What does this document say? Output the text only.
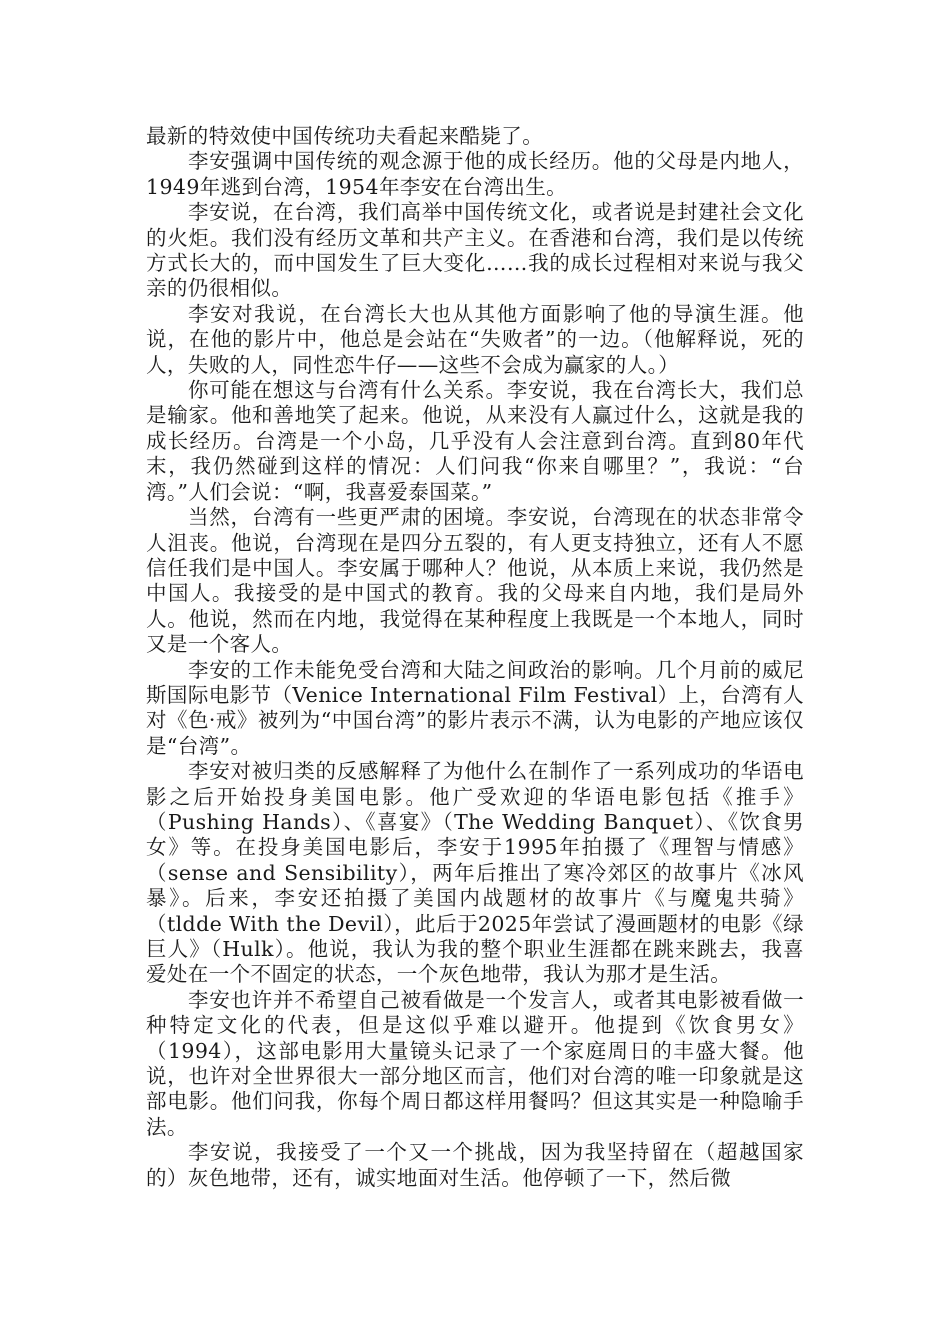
最新的特效使中国传统功夫看起来酷毙了。

李安强调中国传统的观念源于他的成长经历。他的父母是内地人，1949年逃到台湾，1954年李安在台湾出生。

李安说，在台湾，我们高举中国传统文化，或者说是封建社会文化的火炬。我们没有经历文革和共产主义。在香港和台湾，我们是以传统方式长大的，而中国发生了巨大变化……我的成长过程相对来说与我父亲的仍很相似。

李安对我说，在台湾长大也从其他方面影响了他的导演生涯。他说，在他的影片中，他总是会站在“失败者”的一边。（他解释说，死的人，失败的人，同性恋牛仔——这些不会成为赢家的人。）

你可能在想这与台湾有什么关系。李安说，我在台湾长大，我们总是输家。他和善地笑了起来。他说，从来没有人赢过什么，这就是我的成长经历。台湾是一个小岛，几乎没有人会注意到台湾。直到80年代末，我仍然碰到这样的情况：人们问我“你来自哪里？”，我说：“台湾。”人们会说：“啊，我喜爱泰国菜。”

当然，台湾有一些更严肃的困境。李安说，台湾现在的状态非常令人沮丧。他说，台湾现在是四分五裂的，有人更支持独立，还有人不愿信任我们是中国人。李安属于哪种人？他说，从本质上来说，我仍然是中国人。我接受的是中国式的教育。我的父母来自内地，我们是局外人。他说，然而在内地，我觉得在某种程度上我既是一个本地人，同时又是一个客人。

李安的工作未能免受台湾和大陆之间政治的影响。几个月前的威尼斯国际电影节（Venice International Film Festival）上，台湾有人对《色·戒》被列为“中国台湾”的影片表示不满，认为电影的产地应该仅是“台湾”。

李安对被归类的反感解释了为他什么在制作了一系列成功的华语电影之后开始投身美国电影。他广受欢迎的华语电影包括《推手》（Pushing Hands）、《喜宴》（The Wedding Banquet）、《饮食男女》等。在投身美国电影后，李安于1995年拍摄了《理智与情感》（sense and Sensibility），两年后推出了寒冷郊区的故事片《冰风暴》。后来，李安还拍摄了美国内战题材的故事片《与魔鬼共骑》（tldde With the Devil），此后于2025年尝试了漫画题材的电影《绿巨人》（Hulk）。他说，我认为我的整个职业生涯都在跳来跳去，我喜爱处在一个不固定的状态，一个灰色地带，我认为那才是生活。

李安也许并不希望自己被看做是一个发言人，或者其电影被看做一种特定文化的代表，但是这似乎难以避开。他提到《饮食男女》（1994），这部电影用大量镜头记录了一个家庭周日的丰盛大餐。他说，也许对全世界很大一部分地区而言，他们对台湾的唯一印象就是这部电影。他们问我，你每个周日都这样用餐吗？但这其实是一种隐喻手法。

李安说，我接受了一个又一个挑战，因为我坚持留在（超越国家的）灰色地带，还有，诚实地面对生活。他停顿了一下，然后微
